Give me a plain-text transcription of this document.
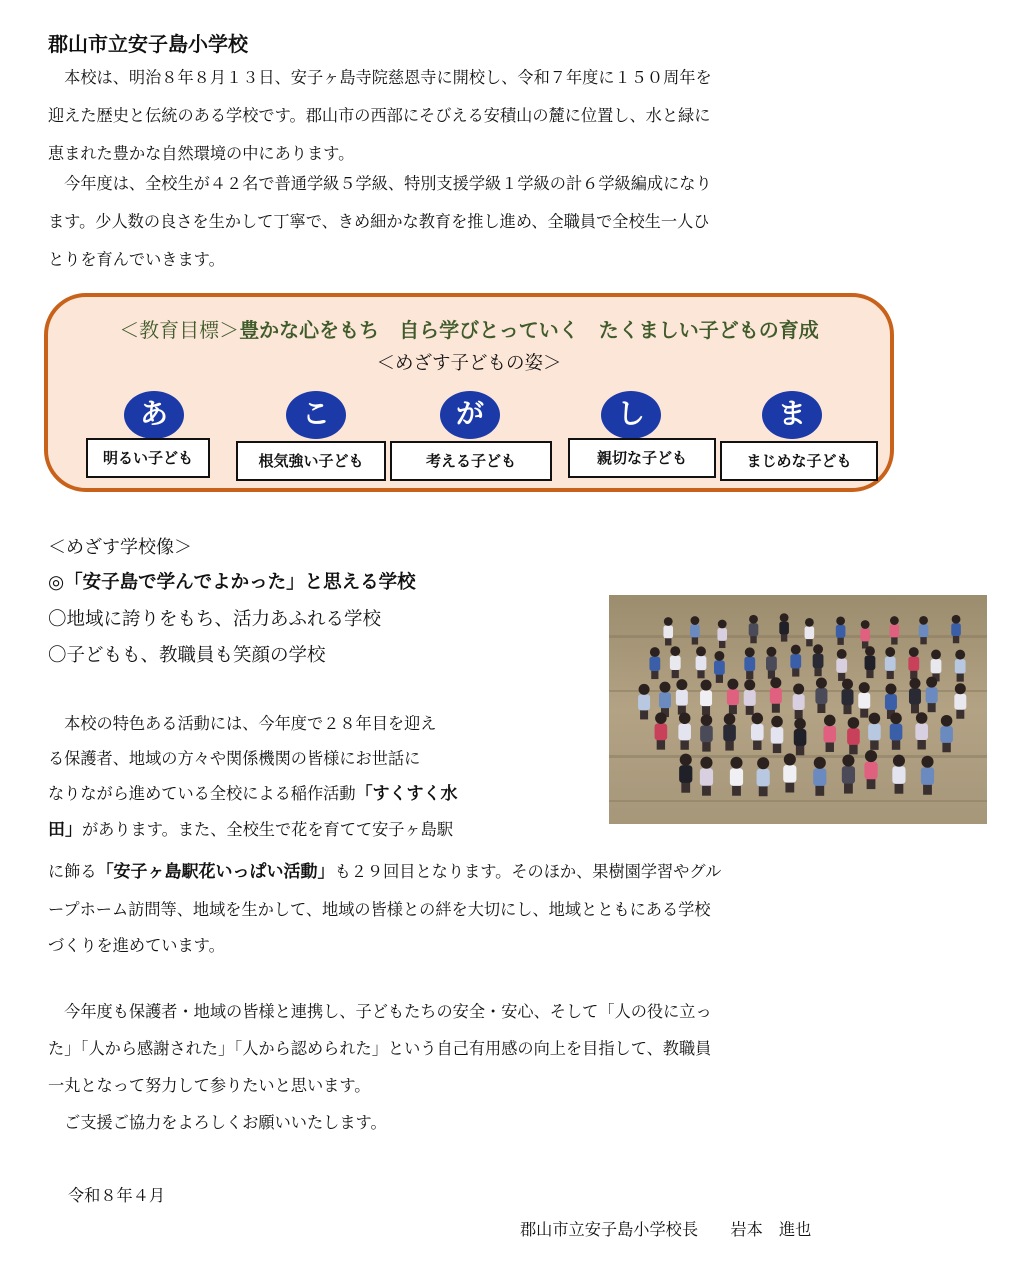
郡山市立安子島小学校
　本校は、明治８年８月１３日、安子ヶ島寺院慈恩寺に開校し、令和７年度に１５０周年を
迎えた歴史と伝統のある学校です。郡山市の西部にそびえる安積山の麓に位置し、水と緑に
恵まれた豊かな自然環境の中にあります。
　今年度は、全校生が４２名で普通学級５学級、特別支援学級１学級の計６学級編成になり
ます。少人数の良さを生かして丁寧で、きめ細かな教育を推し進め、全職員で全校生一人ひ
とりを育んでいきます。
＜教育目標＞豊かな心をもち　自ら学びとっていく　たくましい子どもの育成
＜めざす子どもの姿＞
あ	こ	が	し	ま
明るい子ども	根気強い子ども	考える子ども	親切な子ども	まじめな子ども
＜めざす学校像＞
◎「安子島で学んでよかった」と思える学校
〇地域に誇りをもち、活力あふれる学校
〇子どもも、教職員も笑顔の学校
　本校の特色ある活動には、今年度で２８年目を迎え
る保護者、地域の方々や関係機関の皆様にお世話に
なりながら進めている全校による稲作活動「すくすく水
田」があります。また、全校生で花を育てて安子ヶ島駅
に飾る「安子ヶ島駅花いっぱい活動」も２９回目となります。そのほか、果樹園学習やグル
ープホーム訪問等、地域を生かして、地域の皆様との絆を大切にし、地域とともにある学校
づくりを進めています。
　今年度も保護者・地域の皆様と連携し、子どもたちの安全・安心、そして「人の役に立っ
た」「人から感謝された」「人から認められた」という自己有用感の向上を目指して、教職員
一丸となって努力して参りたいと思います。
　ご支援ご協力をよろしくお願いいたします。
令和８年４月
郡山市立安子島小学校長　　岩本　進也
